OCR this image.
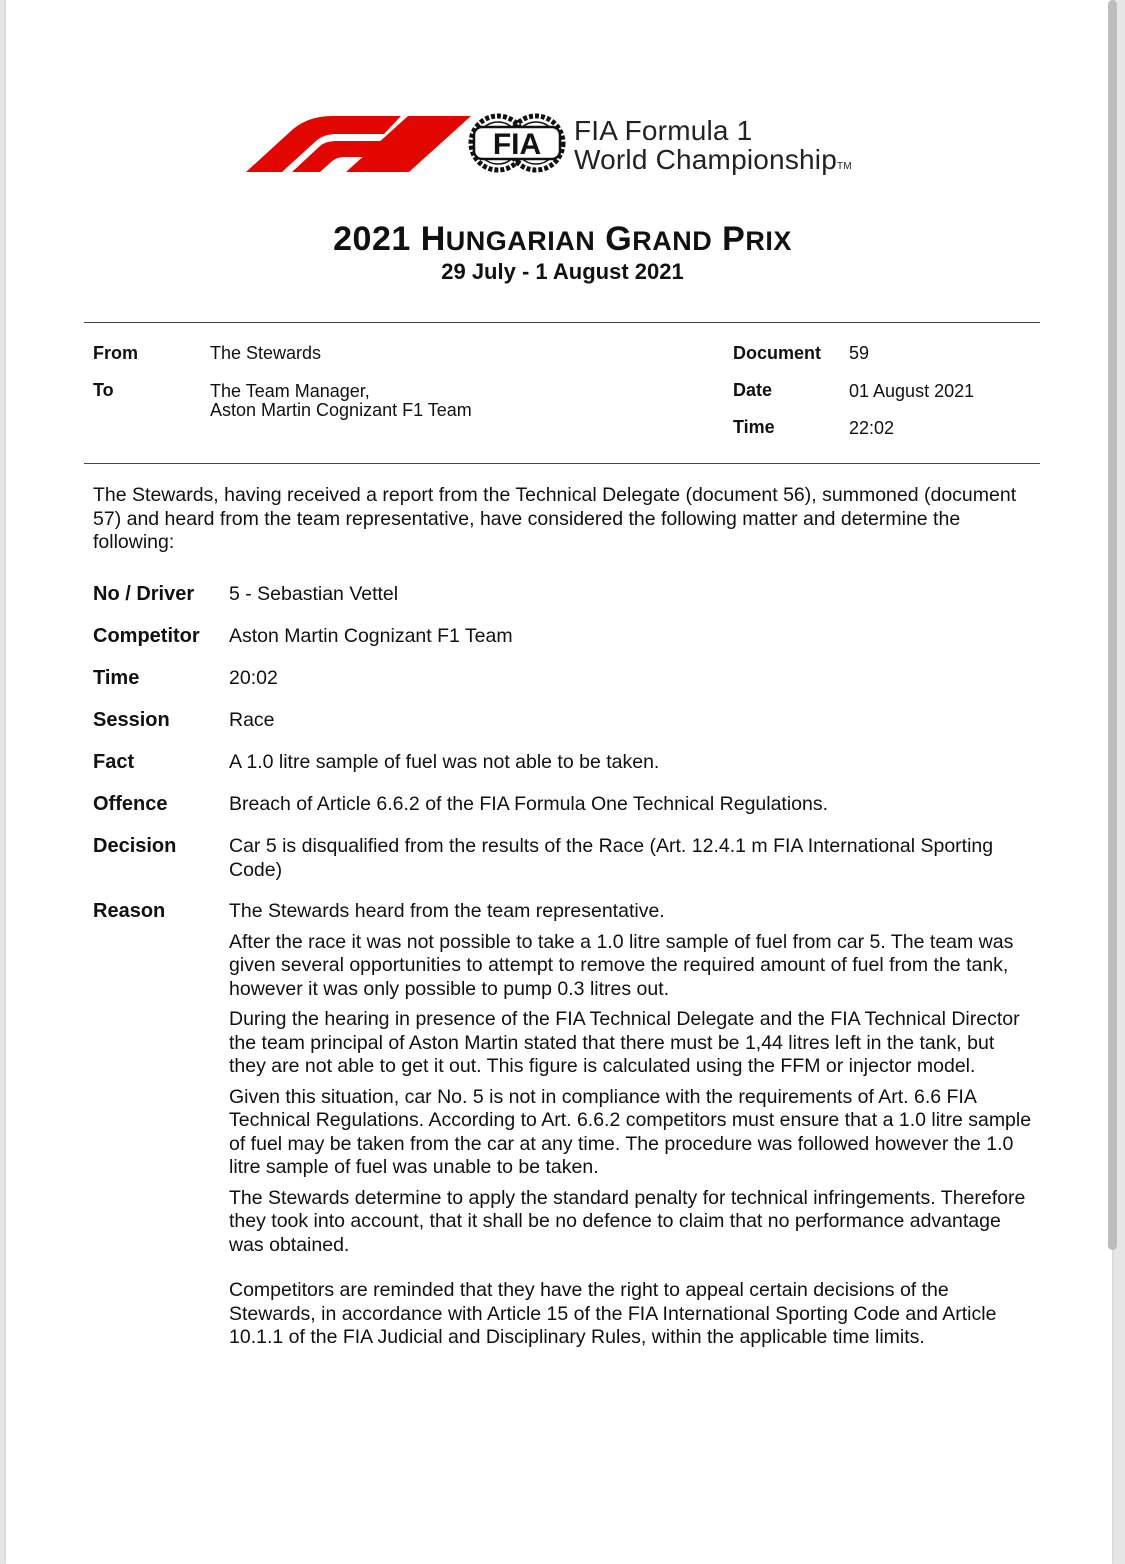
FIA FIA Formula 1
World ChampionshipTM
2021 HUNGARIAN GRAND PRIX
29 July - 1 August 2021
From	The Stewards
To	The Team Manager,
Aston Martin Cognizant F1 Team
Document 59
Date	01 August 2021
Time	22:02
The Stewards, having received a report from the Technical Delegate (document 56), summoned (document 57) and heard from the team representative, have considered the following matter and determine the following:
No / Driver 5 - Sebastian Vettel
Competitor Aston Martin Cognizant F1 Team
Time	20:02
Session	Race
Fact	A 1.0 litre sample of fuel was not able to be taken.
Offence	Breach of Article 6.6.2 of the FIA Formula One Technical Regulations.
Decision	Car 5 is disqualified from the results of the Race (Art. 12.4.1 m FIA International Sporting Code)
Reason	The Stewards heard from the team representative.

After the race it was not possible to take a 1.0 litre sample of fuel from car 5. The team was given several opportunities to attempt to remove the required amount of fuel from the tank, however it was only possible to pump 0.3 litres out.

During the hearing in presence of the FIA Technical Delegate and the FIA Technical Director the team principal of Aston Martin stated that there must be 1,44 litres left in the tank, but they are not able to get it out. This figure is calculated using the FFM or injector model.

Given this situation, car No. 5 is not in compliance with the requirements of Art. 6.6 FIA Technical Regulations. According to Art. 6.6.2 competitors must ensure that a 1.0 litre sample of fuel may be taken from the car at any time. The procedure was followed however the 1.0 litre sample of fuel was unable to be taken.

The Stewards determine to apply the standard penalty for technical infringements. Therefore they took into account, that it shall be no defence to claim that no performance advantage was obtained.

Competitors are reminded that they have the right to appeal certain decisions of the Stewards, in accordance with Article 15 of the FIA International Sporting Code and Article 10.1.1 of the FIA Judicial and Disciplinary Rules, within the applicable time limits.
